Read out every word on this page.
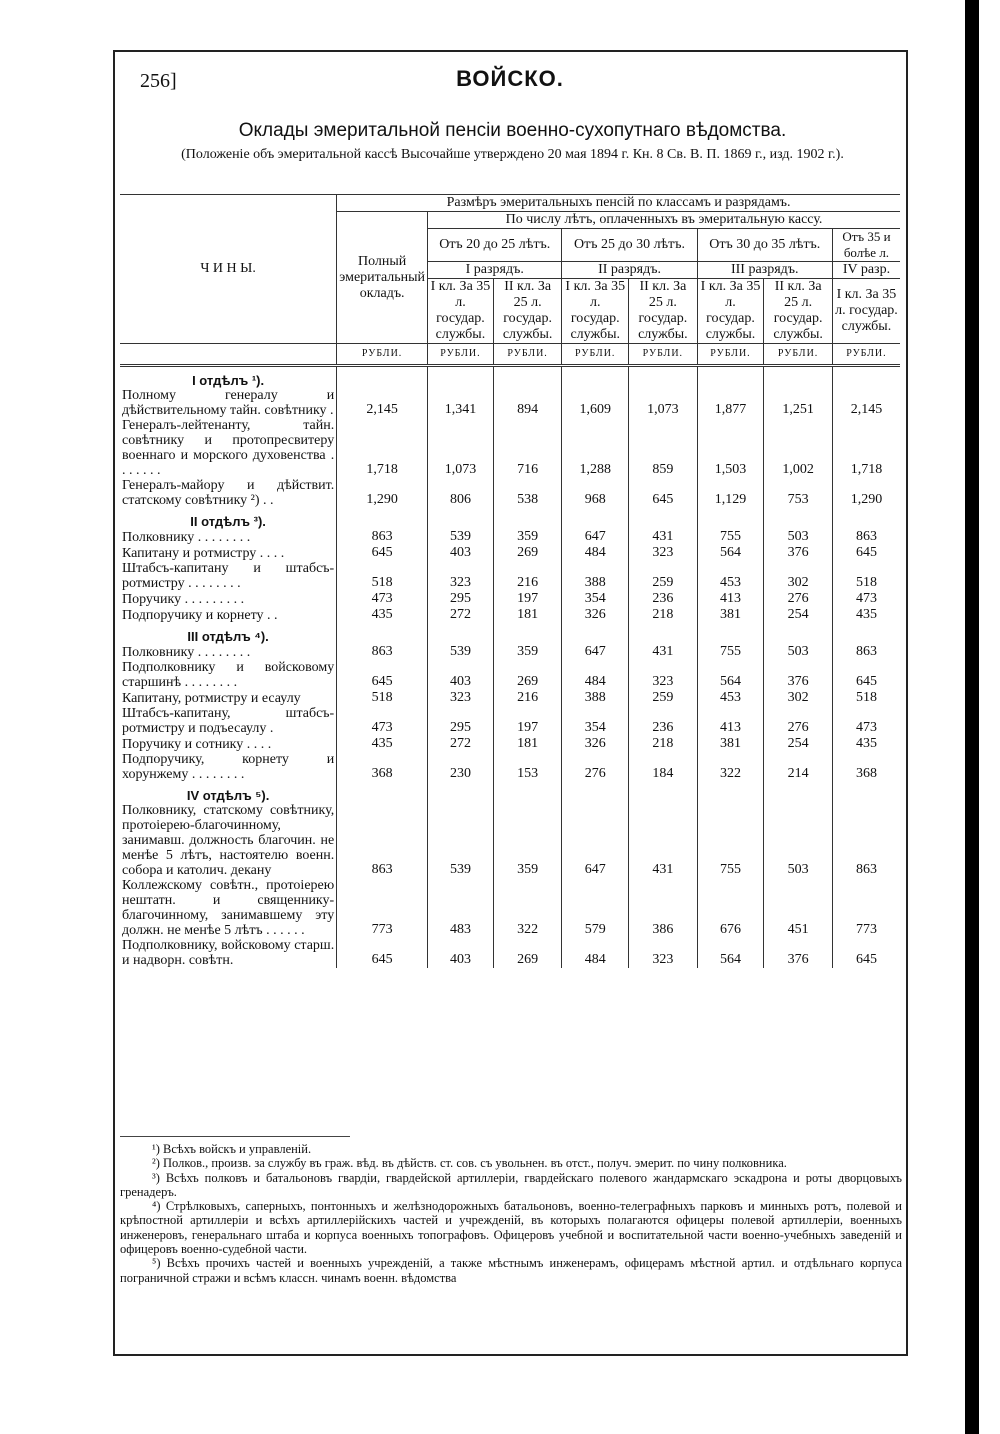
256]	ВОЙСКО.
Оклады эмеритальной пенсіи военно-сухопутнаго вѣдомства.
(Положеніе объ эмеритальной кассѣ Высочайше утверждено 20 мая 1894 г. Кн. 8 Св. В. П. 1869 г., изд. 1902 г.).
Ч И Н Ы.	Размѣръ эмеритальныхъ пенсій по классамъ и разрядамъ.							
	Полный эмеритальный окладъ.	По числу лѣтъ, оплаченныхъ въ эмеритальную кассу.						
		Отъ 20 до 25 лѣтъ.		Отъ 25 до 30 лѣтъ.		Отъ 30 до 35 лѣтъ.		Отъ 35 и болѣе л.
		I разрядъ.		II разрядъ.		III разрядъ.		IV разр.
		I кл. За 35 л. государ. службы.	II кл. За 25 л. государ. службы.	I кл. За 35 л. государ. службы.	II кл. За 25 л. государ. службы.	I кл. За 35 л. государ. службы.	II кл. За 25 л. государ. службы.	I кл. За 35 л. государ. службы.
	РУБЛИ.	РУБЛИ.	РУБЛИ.	РУБЛИ.	РУБЛИ.	РУБЛИ.	РУБЛИ.	РУБЛИ.
I отдѣлъ ¹).								
Полному генералу и дѣйствительному тайн. совѣтнику .	2,145	1,341	894	1,609	1,073	1,877	1,251	2,145
Генералъ-лейтенанту, тайн. совѣтнику и протопресвитеру военнаго и морского духовенства . . . . . . .	1,718	1,073	716	1,288	859	1,503	1,002	1,718
Генералъ-майору и дѣйствит. статскому совѣтнику ²) . .	1,290	806	538	968	645	1,129	753	1,290
II отдѣлъ ³).								
Полковнику . . . . . . . .	863	539	359	647	431	755	503	863
Капитану и ротмистру . . . .	645	403	269	484	323	564	376	645
Штабсъ-капитану и штабсъ-ротмистру . . . . . . . .	518	323	216	388	259	453	302	518
Поручику . . . . . . . . .	473	295	197	354	236	413	276	473
Подпоручику и корнету . .	435	272	181	326	218	381	254	435
III отдѣлъ ⁴).								
Полковнику . . . . . . . .	863	539	359	647	431	755	503	863
Подполковнику и войсковому старшинѣ . . . . . . . .	645	403	269	484	323	564	376	645
Капитану, ротмистру и есаулу	518	323	216	388	259	453	302	518
Штабсъ-капитану, штабсъ-ротмистру и подъесаулу .	473	295	197	354	236	413	276	473
Поручику и сотнику . . . .	435	272	181	326	218	381	254	435
Подпоручику, корнету и хорунжему . . . . . . . .	368	230	153	276	184	322	214	368
IV отдѣлъ ⁵).								
Полковнику, статскому совѣтнику, протоіерею-благочинному, занимавш. должность благочин. не менѣе 5 лѣтъ, настоятелю военн. собора и католич. декану	863	539	359	647	431	755	503	863
Коллежскому совѣтн., протоіерею нештатн. и священнику-благочинному, занимавшему эту должн. не менѣе 5 лѣтъ . . . . . .	773	483	322	579	386	676	451	773
Подполковнику, войсковому старш. и надворн. совѣтн.	645	403	269	484	323	564	376	645

¹) Всѣхъ войскъ и управленій.

²) Полков., произв. за службу въ граж. вѣд. въ дѣйств. ст. сов. съ увольнен. въ отст., получ. эмерит. по чину полковника.

³) Всѣхъ полковъ и батальоновъ гвардіи, гвардейской артиллеріи, гвардейскаго полевого жандармскаго эскадрона и роты дворцовыхъ гренадеръ.

⁴) Стрѣлковыхъ, саперныхъ, понтонныхъ и желѣзнодорожныхъ батальоновъ, военно-телеграфныхъ парковъ и минныхъ ротъ, полевой и крѣпостной артиллеріи и всѣхъ артиллерійскихъ частей и учрежденій, въ которыхъ полагаются офицеры полевой артиллеріи, военныхъ инженеровъ, генеральнаго штаба и корпуса военныхъ топографовъ. Офицеровъ учебной и воспитательной части военно-учебныхъ заведеній и офицеровъ военно-судебной части.

⁵) Всѣхъ прочихъ частей и военныхъ учрежденій, а также мѣстнымъ инженерамъ, офицерамъ мѣстной артил. и отдѣльнаго корпуса пограничной стражи и всѣмъ классн. чинамъ военн. вѣдомства
